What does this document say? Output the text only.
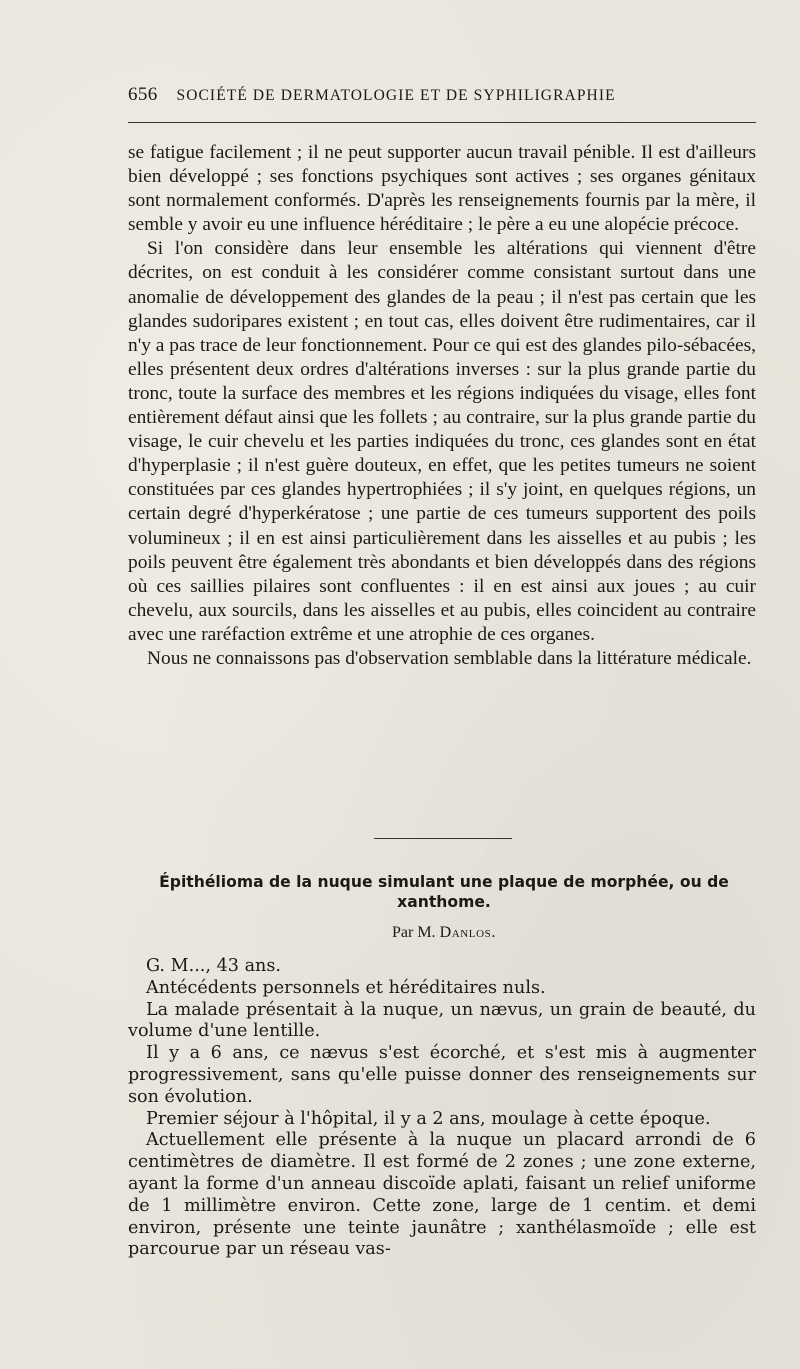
656 SOCIÉTÉ DE DERMATOLOGIE ET DE SYPHILIGRAPHIE

se fatigue facilement ; il ne peut supporter aucun travail pénible. Il est d'ailleurs bien développé ; ses fonctions psychiques sont actives ; ses organes génitaux sont normalement conformés. D'après les renseignements fournis par la mère, il semble y avoir eu une influence héréditaire ; le père a eu une alopécie précoce.

Si l'on considère dans leur ensemble les altérations qui viennent d'être décrites, on est conduit à les considérer comme consistant surtout dans une anomalie de développement des glandes de la peau ; il n'est pas certain que les glandes sudoripares existent ; en tout cas, elles doivent être rudimentaires, car il n'y a pas trace de leur fonctionnement. Pour ce qui est des glandes pilo-sébacées, elles présentent deux ordres d'altérations inverses : sur la plus grande partie du tronc, toute la surface des membres et les régions indiquées du visage, elles font entièrement défaut ainsi que les follets ; au contraire, sur la plus grande partie du visage, le cuir chevelu et les parties indiquées du tronc, ces glandes sont en état d'hyperplasie ; il n'est guère douteux, en effet, que les petites tumeurs ne soient constituées par ces glandes hypertrophiées ; il s'y joint, en quelques régions, un certain degré d'hyperkératose ; une partie de ces tumeurs supportent des poils volumineux ; il en est ainsi particulièrement dans les aisselles et au pubis ; les poils peuvent être également très abondants et bien développés dans des régions où ces saillies pilaires sont confluentes : il en est ainsi aux joues ; au cuir chevelu, aux sourcils, dans les aisselles et au pubis, elles coincident au contraire avec une raréfaction extrême et une atrophie de ces organes.

Nous ne connaissons pas d'observation semblable dans la littérature médicale.

Épithélioma de la nuque simulant une plaque de morphée, ou de xanthome.
Par M. Danlos.

G. M..., 43 ans.

Antécédents personnels et héréditaires nuls.

La malade présentait à la nuque, un nævus, un grain de beauté, du volume d'une lentille.

Il y a 6 ans, ce nævus s'est écorché, et s'est mis à augmenter progressivement, sans qu'elle puisse donner des renseignements sur son évolution.

Premier séjour à l'hôpital, il y a 2 ans, moulage à cette époque.

Actuellement elle présente à la nuque un placard arrondi de 6 centimètres de diamètre. Il est formé de 2 zones ; une zone externe, ayant la forme d'un anneau discoïde aplati, faisant un relief uniforme de 1 millimètre environ. Cette zone, large de 1 centim. et demi environ, présente une teinte jaunâtre ; xanthélasmoïde ; elle est parcourue par un réseau vas-
